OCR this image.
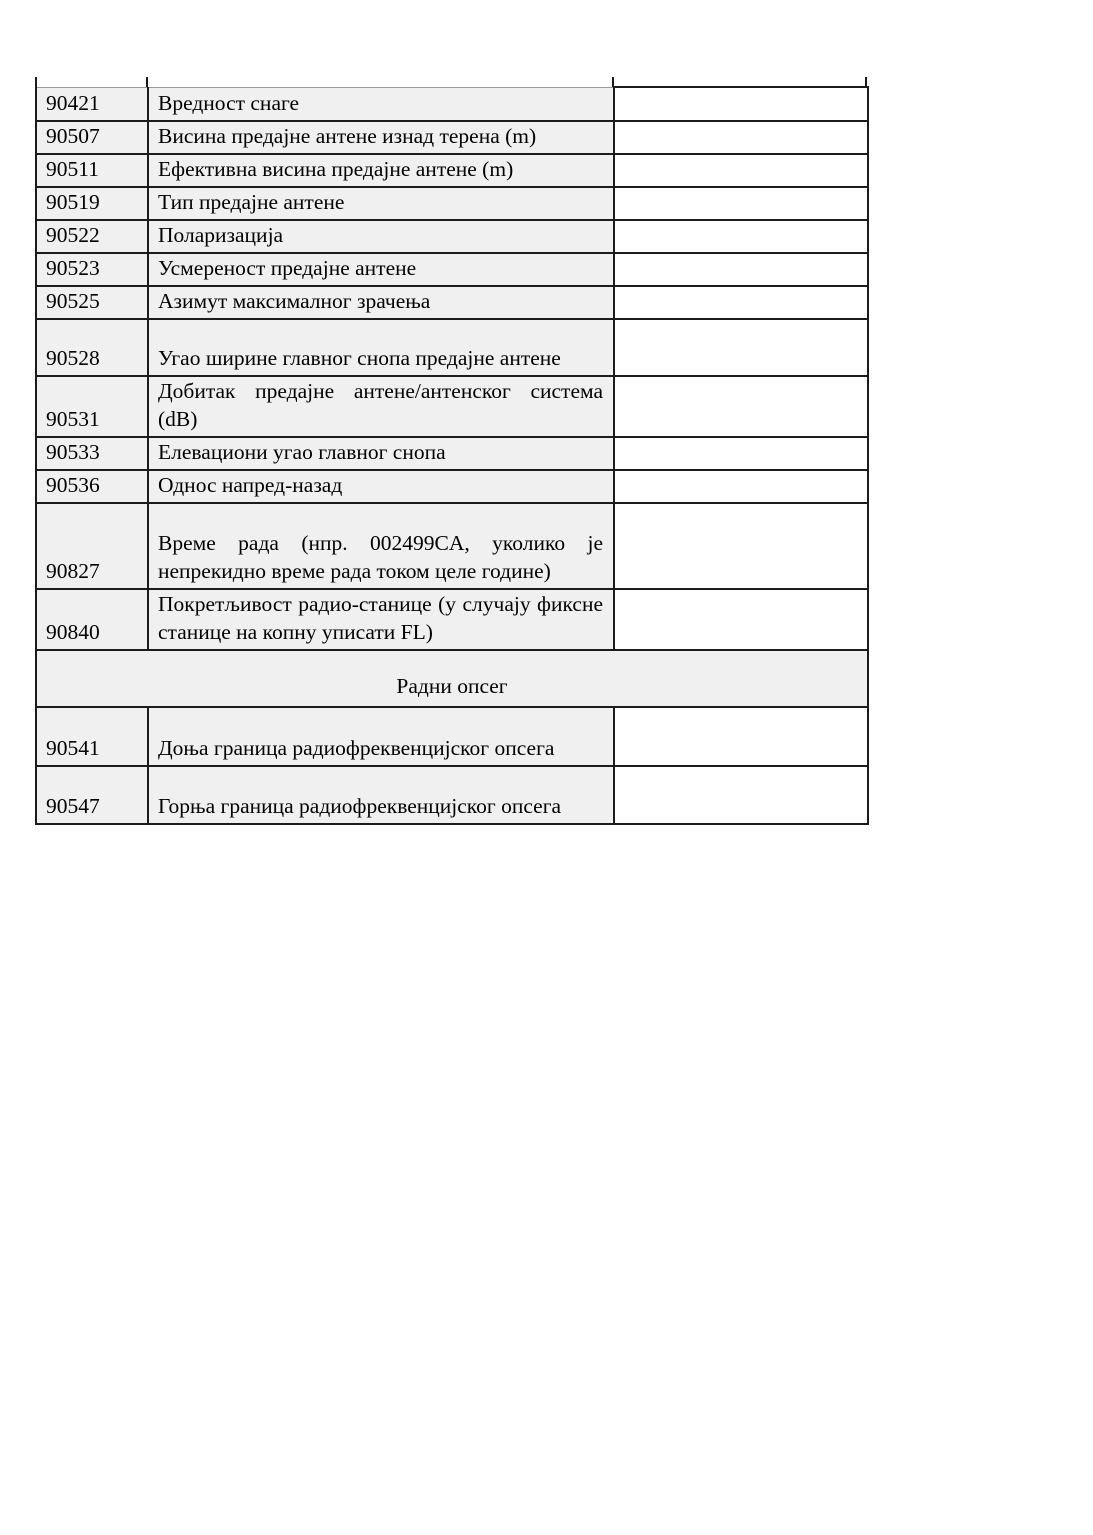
90421	Вредност снаге	
90507	Висина предајне антене изнад терена (m)	
90511	Ефективна висина предајне антене (m)	
90519	Тип предајне антене	
90522	Поларизација	
90523	Усмереност предајне антене	
90525	Азимут максималног зрачења	
90528	Угао ширине главног снопа предајне антене	
90531	Добитак предајне антене/антенског система (dB)	
90533	Елевациони угао главног снопа	
90536	Однос напред-назад	
90827	Време рада (нпр. 002499CA, уколико је непрекидно време рада током целе године)	
90840	Покретљивост радио-станице (у случају фиксне станице на копну уписати FL)	
Радни опсег		
90541	Доња граница радиофреквенцијског опсега	
90547	Горња граница радиофреквенцијског опсега	
